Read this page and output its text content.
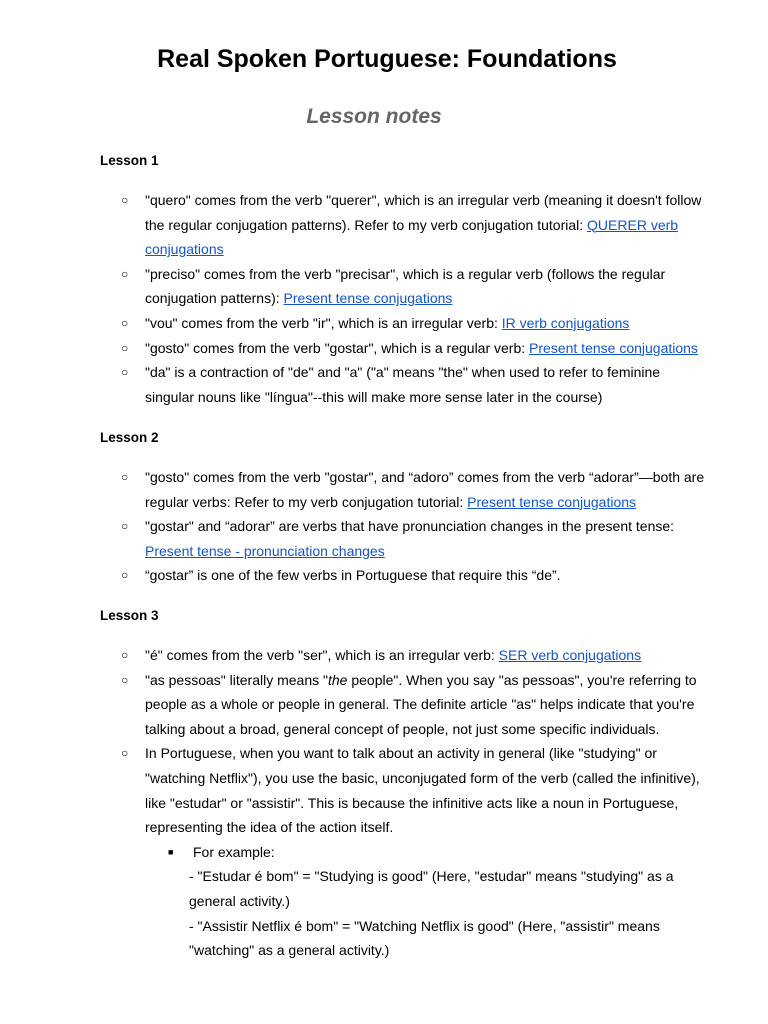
Real Spoken Portuguese: Foundations
Lesson notes
Lesson 1
○ "quero" comes from the verb "querer", which is an irregular verb (meaning it doesn't follow the regular conjugation patterns). Refer to my verb conjugation tutorial: QUERER verb conjugations
○ "preciso" comes from the verb "precisar", which is a regular verb (follows the regular conjugation patterns): Present tense conjugations
○ "vou" comes from the verb "ir", which is an irregular verb: IR verb conjugations
○ "gosto" comes from the verb "gostar", which is a regular verb: Present tense conjugations
○ "da" is a contraction of "de" and "a" ("a" means "the" when used to refer to feminine singular nouns like "língua"--this will make more sense later in the course)
Lesson 2
○ "gosto" comes from the verb "gostar", and “adoro” comes from the verb “adorar”—both are regular verbs: Refer to my verb conjugation tutorial: Present tense conjugations
○ "gostar" and “adorar” are verbs that have pronunciation changes in the present tense: Present tense - pronunciation changes
○ “gostar” is one of the few verbs in Portuguese that require this “de”.
Lesson 3
○ "é" comes from the verb "ser", which is an irregular verb: SER verb conjugations
○ "as pessoas" literally means "the people". When you say "as pessoas", you're referring to people as a whole or people in general. The definite article "as" helps indicate that you're talking about a broad, general concept of people, not just some specific individuals.
○ In Portuguese, when you want to talk about an activity in general (like "studying" or "watching Netflix"), you use the basic, unconjugated form of the verb (called the infinitive), like "estudar" or "assistir". This is because the infinitive acts like a noun in Portuguese, representing the idea of the action itself.
■ For example:
- "Estudar é bom" = "Studying is good" (Here, "estudar" means "studying" as a general activity.)
- "Assistir Netflix é bom" = "Watching Netflix is good" (Here, "assistir" means "watching" as a general activity.)
